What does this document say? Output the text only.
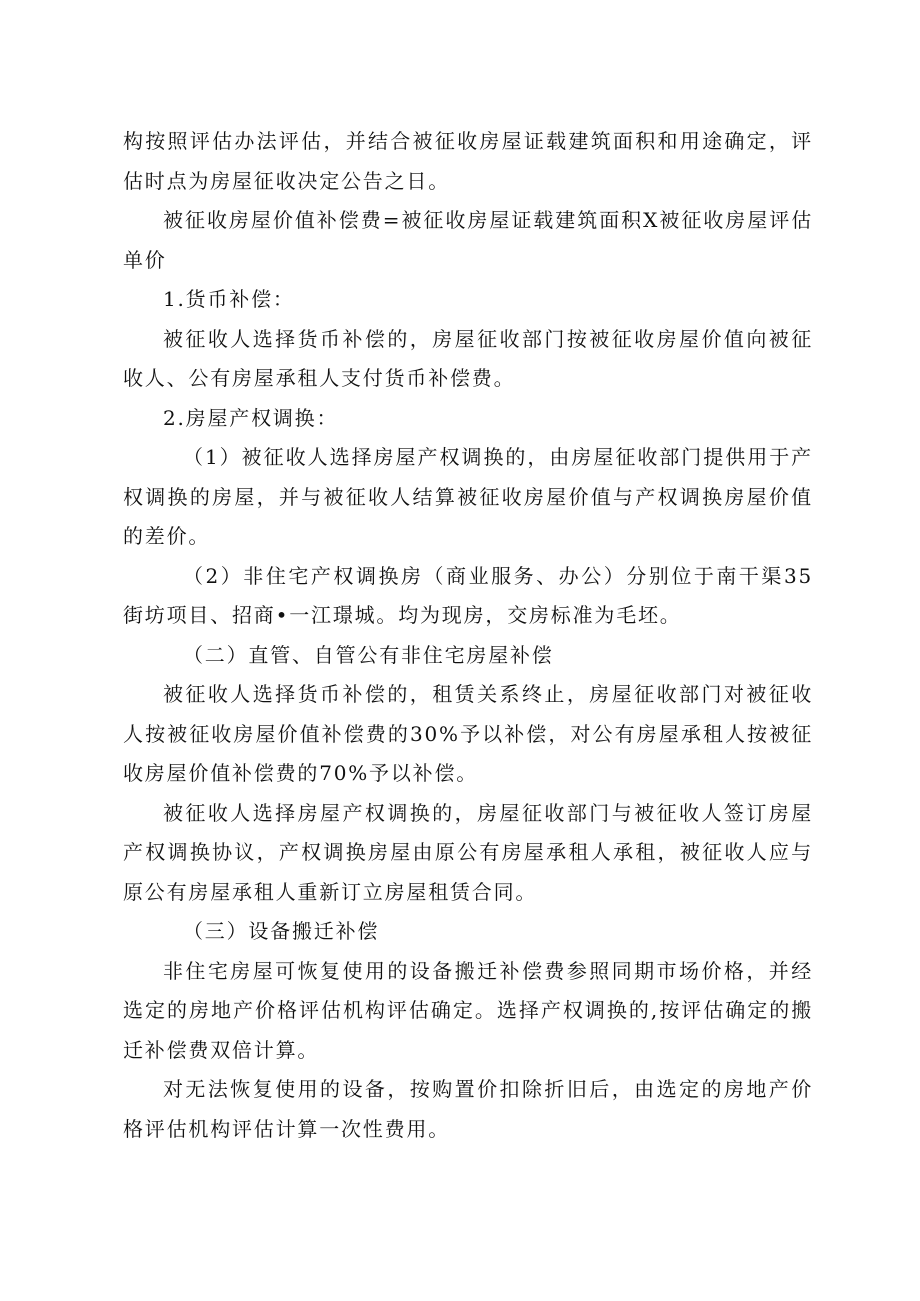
构按照评估办法评估，并结合被征收房屋证载建筑面积和用途确定，评估时点为房屋征收决定公告之日。

被征收房屋价值补偿费=被征收房屋证载建筑面积X被征收房屋评估单价

1.货币补偿：

被征收人选择货币补偿的，房屋征收部门按被征收房屋价值向被征收人、公有房屋承租人支付货币补偿费。

2.房屋产权调换：

（1）被征收人选择房屋产权调换的，由房屋征收部门提供用于产权调换的房屋，并与被征收人结算被征收房屋价值与产权调换房屋价值的差价。

（2）非住宅产权调换房（商业服务、办公）分别位于南干渠35街坊项目、招商•一江璟城。均为现房，交房标准为毛坯。

（二）直管、自管公有非住宅房屋补偿

被征收人选择货币补偿的，租赁关系终止，房屋征收部门对被征收人按被征收房屋价值补偿费的30%予以补偿，对公有房屋承租人按被征收房屋价值补偿费的70%予以补偿。

被征收人选择房屋产权调换的，房屋征收部门与被征收人签订房屋产权调换协议，产权调换房屋由原公有房屋承租人承租，被征收人应与原公有房屋承租人重新订立房屋租赁合同。

（三）设备搬迁补偿

非住宅房屋可恢复使用的设备搬迁补偿费参照同期市场价格，并经选定的房地产价格评估机构评估确定。选择产权调换的,按评估确定的搬迁补偿费双倍计算。

对无法恢复使用的设备，按购置价扣除折旧后，由选定的房地产价格评估机构评估计算一次性费用。
